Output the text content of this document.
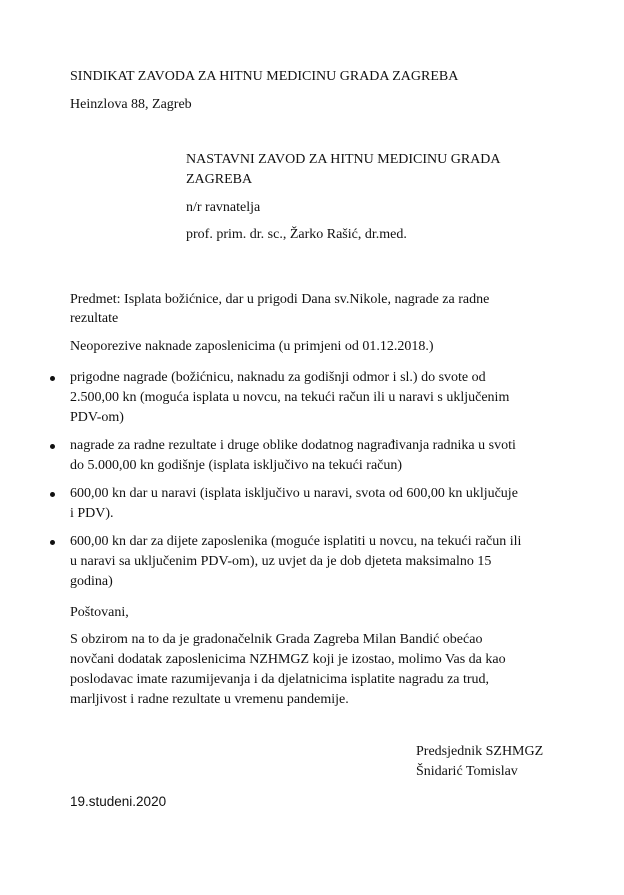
SINDIKAT ZAVODA ZA HITNU MEDICINU GRADA ZAGREBA

Heinzlova 88, Zagreb

NASTAVNI ZAVOD ZA HITNU MEDICINU GRADA

ZAGREBA

n/r ravnatelja

prof. prim. dr. sc., Žarko Rašić, dr.med.

Predmet: Isplata božićnice, dar u prigodi Dana sv.Nikole, nagrade za radne

rezultate

Neoporezive naknade zaposlenicima (u primjeni od 01.12.2018.)

prigodne nagrade (božićnicu, naknadu za godišnji odmor i sl.) do svote od
2.500,00 kn (moguća isplata u novcu, na tekući račun ili u naravi s uključenim
PDV-om)
nagrade za radne rezultate i druge oblike dodatnog nagrađivanja radnika u svoti
do 5.000,00 kn godišnje (isplata isključivo na tekući račun)
600,00 kn dar u naravi (isplata isključivo u naravi, svota od 600,00 kn uključuje
i PDV).
600,00 kn dar za dijete zaposlenika (moguće isplatiti u novcu, na tekući račun ili
u naravi sa uključenim PDV-om), uz uvjet da je dob djeteta maksimalno 15
godina)

Poštovani,

S obzirom na to da je gradonačelnik Grada Zagreba Milan Bandić obećao
novčani dodatak zaposlenicima NZHMGZ koji je izostao, molimo Vas da kao
poslodavac imate razumijevanja i da djelatnicima isplatite nagradu za trud,
marljivost i radne rezultate u vremenu pandemije.

Predsjednik SZHMGZ

Šnidarić Tomislav

19.studeni.2020
